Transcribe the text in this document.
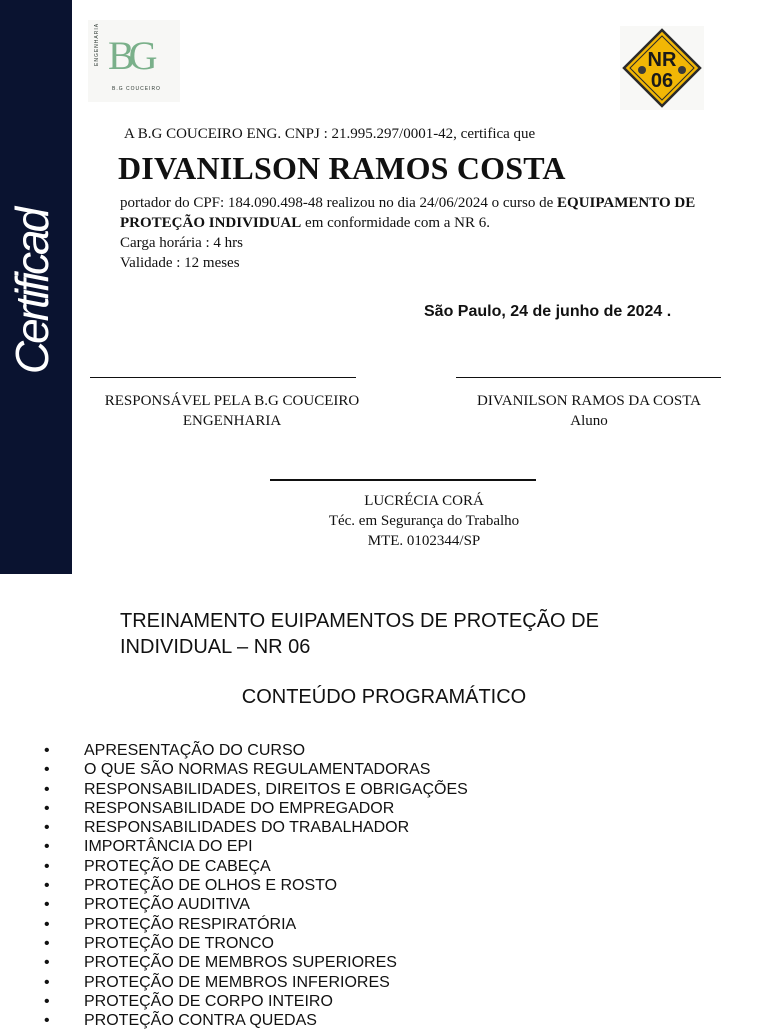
Certificad
ENGENHARIA BG
B.G COUCEIRO
NR
06
A B.G COUCEIRO ENG. CNPJ : 21.995.297/0001-42, certifica que
DIVANILSON RAMOS COSTA
portador do CPF: 184.090.498-48 realizou no dia 24/06/2024 o curso de EQUIPAMENTO DE PROTEÇÃO INDIVIDUAL em conformidade com a NR 6.
Carga horária : 4 hrs
Validade : 12 meses
São Paulo, 24 de junho de 2024 .
RESPONSÁVEL PELA B.G COUCEIRO
ENGENHARIA
DIVANILSON RAMOS DA COSTA
Aluno
LUCRÉCIA CORÁ
Téc. em Segurança do Trabalho
MTE. 0102344/SP
TREINAMENTO EUIPAMENTOS DE PROTEÇÃO DE INDIVIDUAL – NR 06
CONTEÚDO PROGRAMÁTICO
•	APRESENTAÇÃO DO CURSO
•	O QUE SÃO NORMAS REGULAMENTADORAS
•	RESPONSABILIDADES, DIREITOS E OBRIGAÇÕES
•	RESPONSABILIDADE DO EMPREGADOR
•	RESPONSABILIDADES DO TRABALHADOR
•	IMPORTÂNCIA DO EPI
•	PROTEÇÃO DE CABEÇA
•	PROTEÇÃO DE OLHOS E ROSTO
•	PROTEÇÃO AUDITIVA
•	PROTEÇÃO RESPIRATÓRIA
•	PROTEÇÃO DE TRONCO
•	PROTEÇÃO DE MEMBROS SUPERIORES
•	PROTEÇÃO DE MEMBROS INFERIORES
•	PROTEÇÃO DE CORPO INTEIRO
•	PROTEÇÃO CONTRA QUEDAS
